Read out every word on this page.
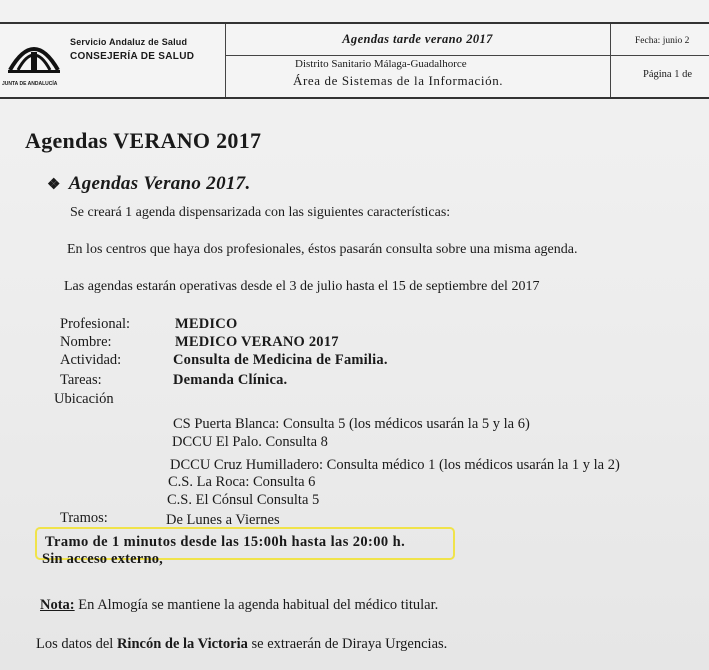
Servicio Andaluz de Salud
CONSEJERÍA DE SALUD
JUNTA DE ANDALUCÍA
Agendas tarde verano 2017
Distrito Sanitario Málaga-Guadalhorce
Área de Sistemas de la Información.
Fecha: junio 2
Página 1 de
Agendas VERANO 2017
❖ Agendas Verano 2017.
Se creará 1 agenda dispensarizada con las siguientes características:
En los centros que haya dos profesionales, éstos pasarán consulta sobre una misma agenda.
Las agendas estarán operativas desde el 3 de julio hasta el 15 de septiembre del 2017
Profesional:	MEDICO
Nombre:	MEDICO VERANO 2017
Actividad:	Consulta de Medicina de Familia.
Tareas:	Demanda Clínica.
Ubicación
CS Puerta Blanca: Consulta 5 (los médicos usarán la 5 y la 6)
DCCU El Palo. Consulta 8
DCCU Cruz Humilladero: Consulta médico 1 (los médicos usarán la 1 y la 2)
C.S. La Roca: Consulta 6
C.S. El Cónsul Consulta 5
Tramos:	De Lunes a Viernes
Tramo de 1 minutos desde las 15:00h hasta las 20:00 h.
Sin acceso externo,
Nota: En Almogía se mantiene la agenda habitual del médico titular.
Los datos del Rincón de la Victoria se extraerán de Diraya Urgencias.
